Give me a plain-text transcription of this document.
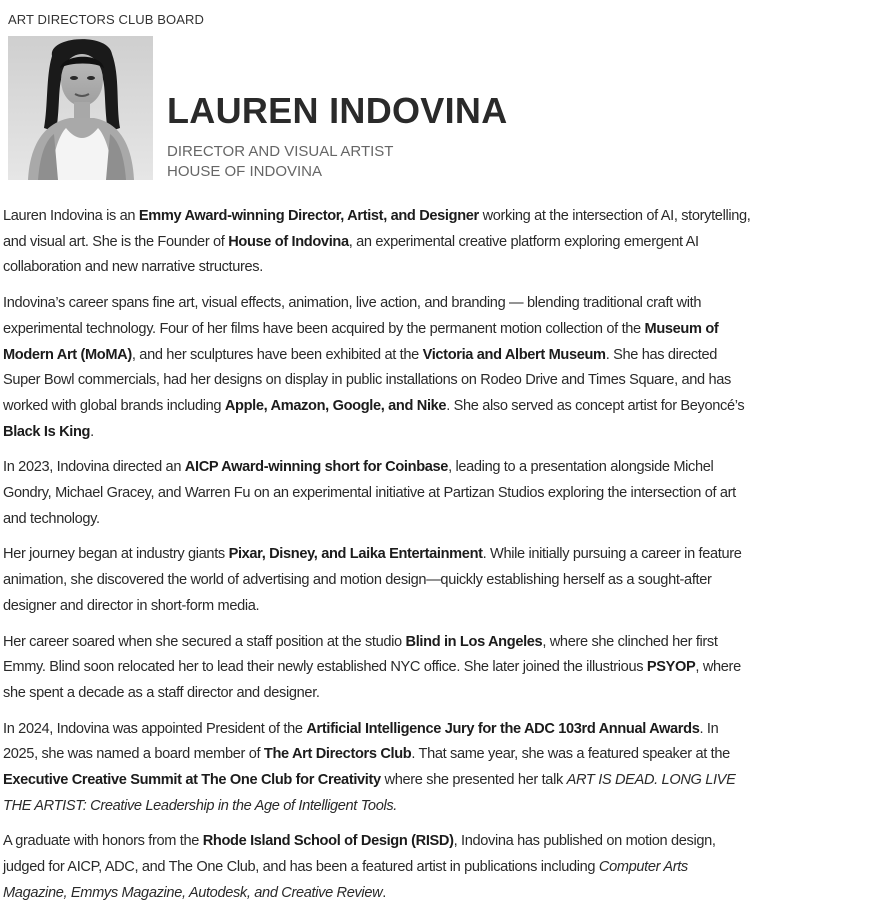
ART DIRECTORS CLUB BOARD
LAUREN INDOVINA
DIRECTOR AND VISUAL ARTIST
HOUSE OF INDOVINA

Lauren Indovina is an Emmy Award-winning Director, Artist, and Designer working at the intersection of AI, storytelling, and visual art. She is the Founder of House of Indovina, an experimental creative platform exploring emergent AI collaboration and new narrative structures.

Indovina’s career spans fine art, visual effects, animation, live action, and branding — blending traditional craft with experimental technology. Four of her films have been acquired by the permanent motion collection of the Museum of Modern Art (MoMA), and her sculptures have been exhibited at the Victoria and Albert Museum. She has directed Super Bowl commercials, had her designs on display in public installations on Rodeo Drive and Times Square, and has worked with global brands including Apple, Amazon, Google, and Nike. She also served as concept artist for Beyoncé’s Black Is King.

In 2023, Indovina directed an AICP Award-winning short for Coinbase, leading to a presentation alongside Michel Gondry, Michael Gracey, and Warren Fu on an experimental initiative at Partizan Studios exploring the intersection of art and technology.

Her journey began at industry giants Pixar, Disney, and Laika Entertainment. While initially pursuing a career in feature animation, she discovered the world of advertising and motion design—quickly establishing herself as a sought-after designer and director in short-form media.

Her career soared when she secured a staff position at the studio Blind in Los Angeles, where she clinched her first Emmy. Blind soon relocated her to lead their newly established NYC office. She later joined the illustrious PSYOP, where she spent a decade as a staff director and designer.

In 2024, Indovina was appointed President of the Artificial Intelligence Jury for the ADC 103rd Annual Awards. In 2025, she was named a board member of The Art Directors Club. That same year, she was a featured speaker at the Executive Creative Summit at The One Club for Creativity where she presented her talk ART IS DEAD. LONG LIVE THE ARTIST: Creative Leadership in the Age of Intelligent Tools.

A graduate with honors from the Rhode Island School of Design (RISD), Indovina has published on motion design, judged for AICP, ADC, and The One Club, and has been a featured artist in publications including Computer Arts Magazine, Emmys Magazine, Autodesk, and Creative Review.
